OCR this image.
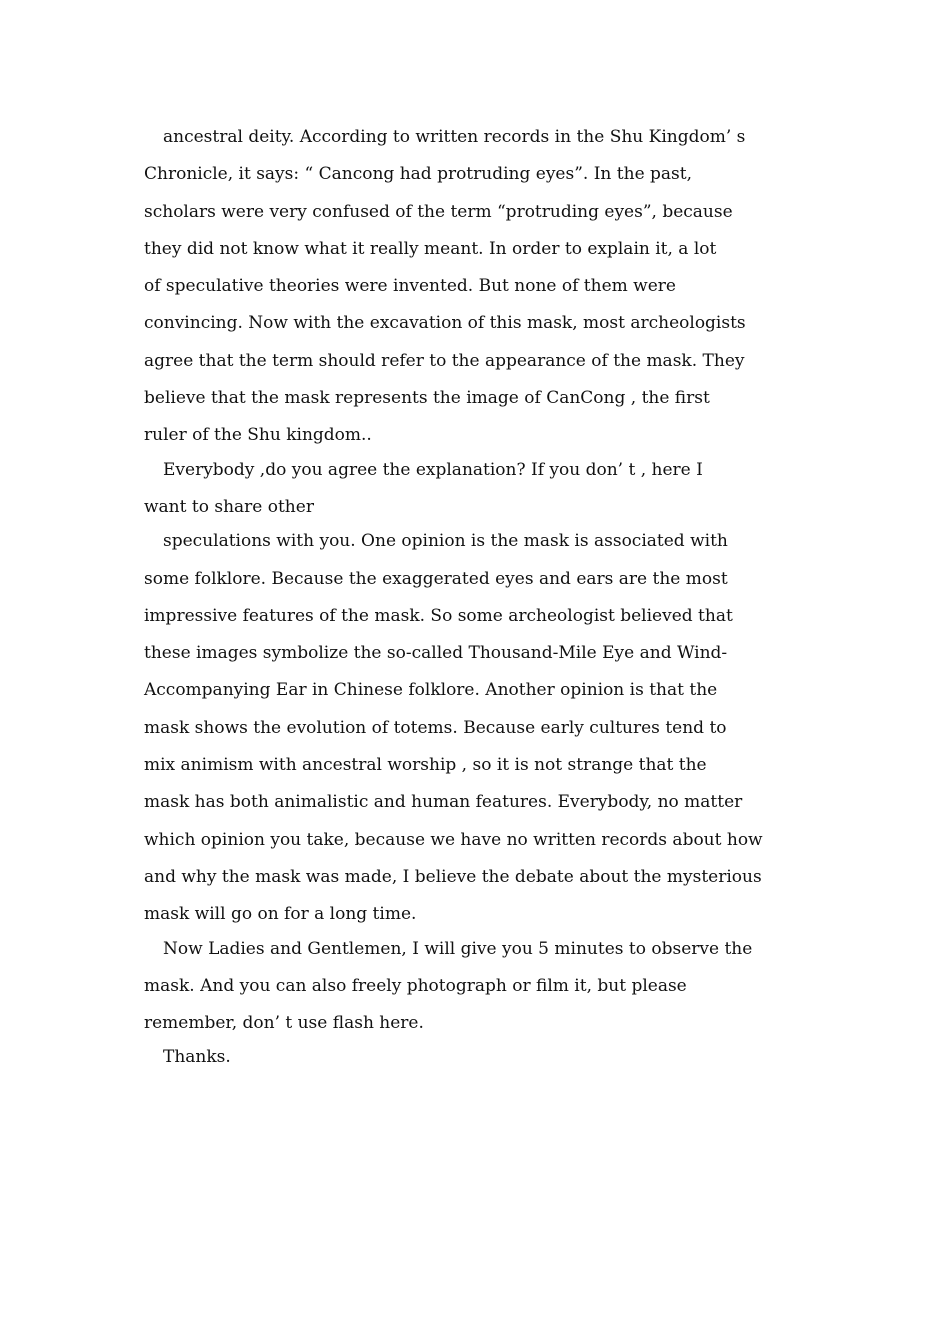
ancestral deity. According to written records in the Shu Kingdom’ s
Chronicle, it says: “ Cancong had protruding eyes”. In the past,
scholars were very confused of the term “protruding eyes”, because
they did not know what it really meant. In order to explain it, a lot
of speculative theories were invented. But none of them were
convincing. Now with the excavation of this mask, most archeologists
agree that the term should refer to the appearance of the mask. They
believe that the mask represents the image of CanCong , the first
ruler of the Shu kingdom..
Everybody ,do you agree the explanation? If you don’ t , here I
want to share other
speculations with you. One opinion is the mask is associated with
some folklore. Because the exaggerated eyes and ears are the most
impressive features of the mask. So some archeologist believed that
these images symbolize the so-called Thousand-Mile Eye and Wind-
Accompanying Ear in Chinese folklore. Another opinion is that the
mask shows the evolution of totems. Because early cultures tend to
mix animism with ancestral worship , so it is not strange that the
mask has both animalistic and human features. Everybody, no matter
which opinion you take, because we have no written records about how
and why the mask was made, I believe the debate about the mysterious
mask will go on for a long time.
Now Ladies and Gentlemen, I will give you 5 minutes to observe the
mask. And you can also freely photograph or film it, but please
remember, don’ t use flash here.
Thanks.
